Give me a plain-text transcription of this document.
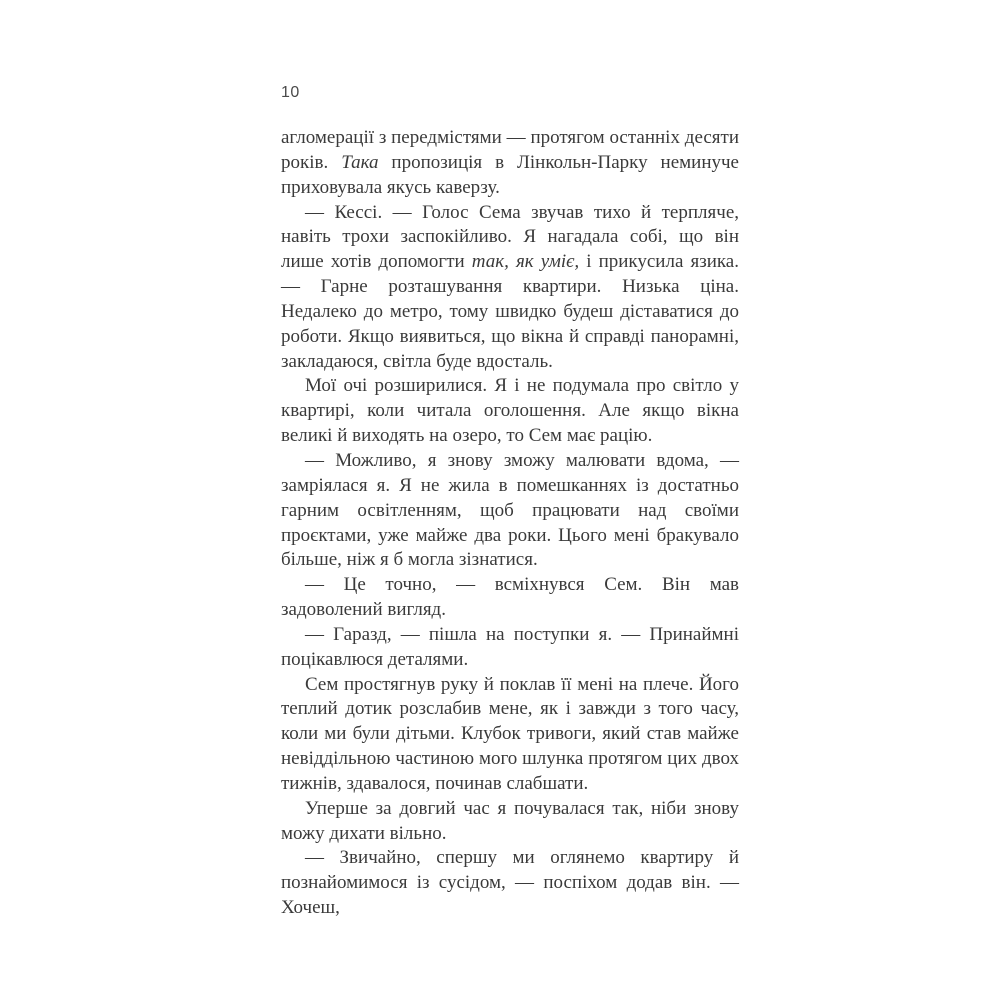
10

агломерації з передмістями — протягом останніх десяти років. Така пропозиція в Лінкольн-Парку неминуче приховувала якусь каверзу.

— Кессі. — Голос Сема звучав тихо й терпляче, навіть трохи заспокійливо. Я нагадала собі, що він лише хотів допомогти так, як уміє, і прикусила язика. — Гарне розташування квартири. Низька ціна. Недалеко до метро, тому швидко будеш діставатися до роботи. Якщо виявиться, що вікна й справді панорамні, закладаюся, світла буде вдосталь.

Мої очі розширилися. Я і не подумала про світло у квартирі, коли читала оголошення. Але якщо вікна великі й виходять на озеро, то Сем має рацію.

— Можливо, я знову зможу малювати вдома, — замріялася я. Я не жила в помешканнях із достатньо гарним освітленням, щоб працювати над своїми проєктами, уже майже два роки. Цього мені бракувало більше, ніж я б могла зізнатися.

— Це точно, — всміхнувся Сем. Він мав задоволений вигляд.

— Гаразд, — пішла на поступки я. — Принаймні поцікавлюся деталями.

Сем простягнув руку й поклав її мені на плече. Його теплий дотик розслабив мене, як і завжди з того часу, коли ми були дітьми. Клубок тривоги, який став майже невіддільною частиною мого шлунка протягом цих двох тижнів, здавалося, починав слабшати.

Уперше за довгий час я почувалася так, ніби знову можу дихати вільно.

— Звичайно, спершу ми оглянемо квартиру й познайомимося із сусідом, — поспіхом додав він. — Хочеш,
